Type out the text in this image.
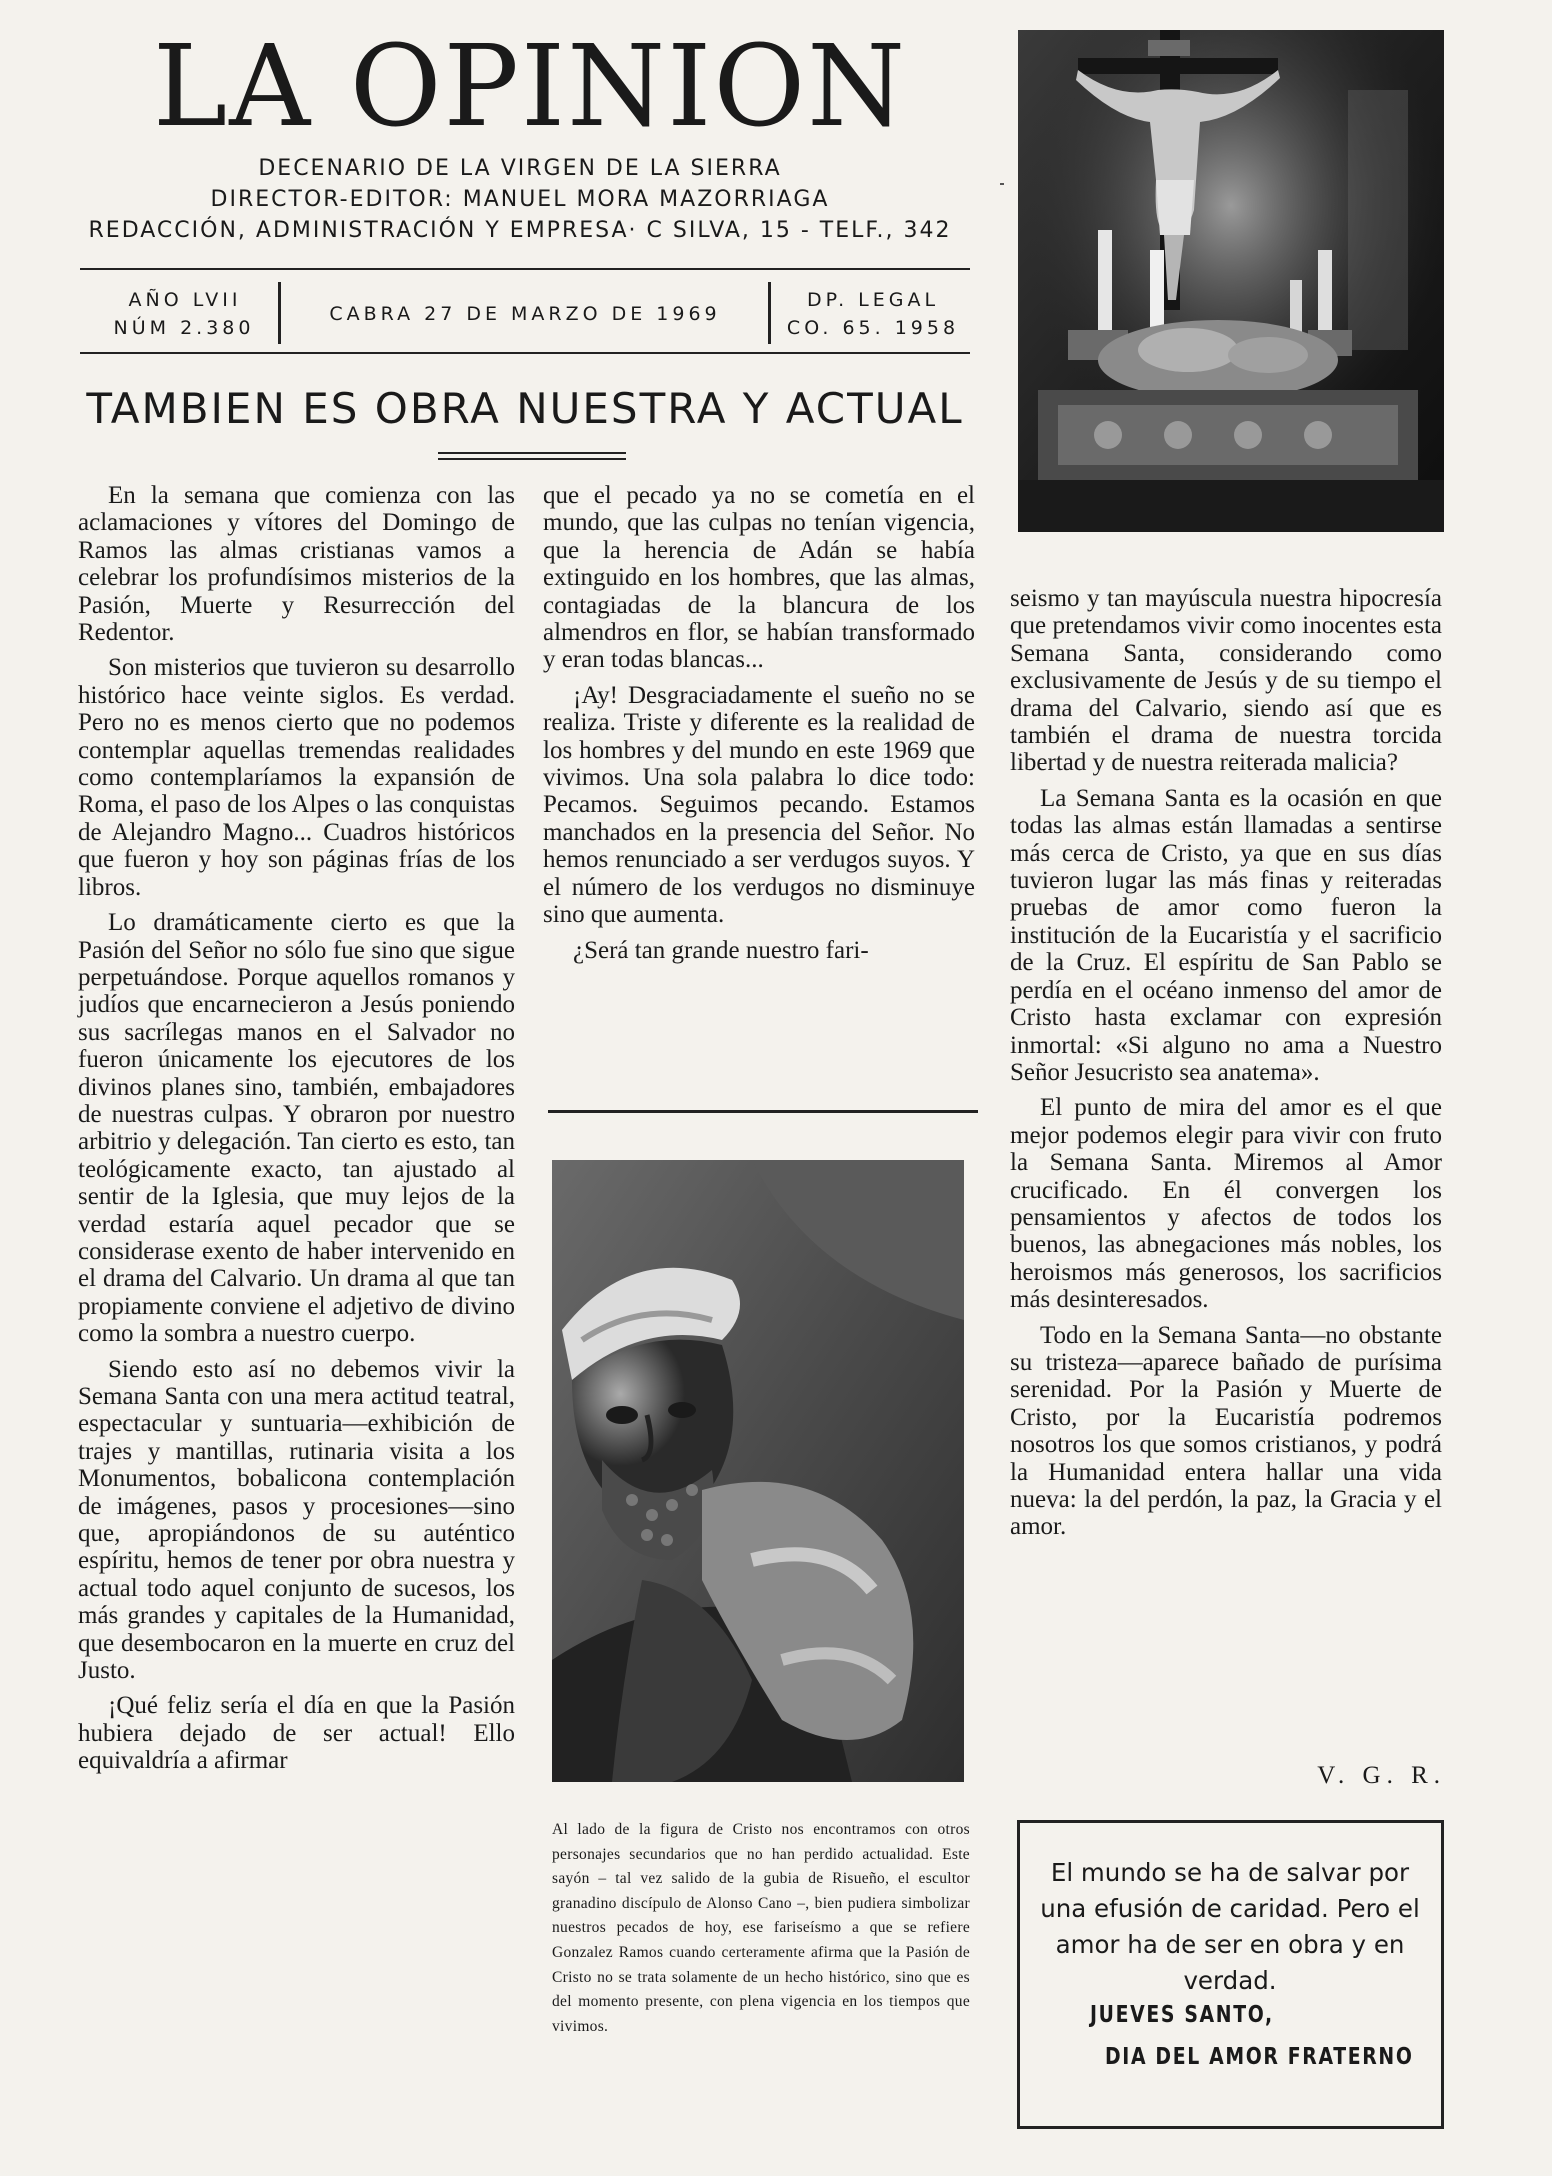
LA OPINION
DECENARIO DE LA VIRGEN DE LA SIERRA
DIRECTOR-EDITOR: MANUEL MORA MAZORRIAGA
REDACCIÓN, ADMINISTRACIÓN Y EMPRESA· C SILVA, 15 - TELF., 342
AÑO LVII
NÚM 2.380
CABRA 27 DE MARZO DE 1969
DP. LEGAL
CO. 65. 1958
TAMBIEN ES OBRA NUESTRA Y ACTUAL

En la semana que comienza con las aclamaciones y vítores del Domingo de Ramos las almas cristianas vamos a celebrar los profundísimos misterios de la Pasión, Muerte y Resurrección del Redentor.

Son misterios que tuvieron su desarrollo histórico hace veinte siglos. Es verdad. Pero no es menos cierto que no podemos contemplar aquellas tremendas realidades como contemplaríamos la expansión de Roma, el paso de los Alpes o las conquistas de Alejandro Magno... Cuadros históricos que fueron y hoy son páginas frías de los libros.

Lo dramáticamente cierto es que la Pasión del Señor no sólo fue sino que sigue perpetuándose. Porque aquellos romanos y judíos que encarnecieron a Jesús poniendo sus sacrílegas manos en el Salvador no fueron únicamente los ejecutores de los divinos planes sino, también, embajadores de nuestras culpas. Y obraron por nuestro arbitrio y delegación. Tan cierto es esto, tan teológicamente exacto, tan ajustado al sentir de la Iglesia, que muy lejos de la verdad estaría aquel pecador que se considerase exento de haber intervenido en el drama del Calvario. Un drama al que tan propiamente conviene el adjetivo de divino como la sombra a nuestro cuerpo.

Siendo esto así no debemos vivir la Semana Santa con una mera actitud teatral, espectacular y suntuaria—exhibición de trajes y mantillas, rutinaria visita a los Monumentos, bobalicona contemplación de imágenes, pasos y procesiones—sino que, apropiándonos de su auténtico espíritu, hemos de tener por obra nuestra y actual todo aquel conjunto de sucesos, los más grandes y capitales de la Humanidad, que desembocaron en la muerte en cruz del Justo.

¡Qué feliz sería el día en que la Pasión hubiera dejado de ser actual! Ello equivaldría a afirmar

que el pecado ya no se cometía en el mundo, que las culpas no tenían vigencia, que la herencia de Adán se había extinguido en los hombres, que las almas, contagiadas de la blancura de los almendros en flor, se habían transformado y eran todas blancas...

¡Ay! Desgraciadamente el sueño no se realiza. Triste y diferente es la realidad de los hombres y del mundo en este 1969 que vivimos. Una sola palabra lo dice todo: Pecamos. Seguimos pecando. Estamos manchados en la presencia del Señor. No hemos renunciado a ser verdugos suyos. Y el número de los verdugos no disminuye sino que aumenta.

¿Será tan grande nuestro fari-

seismo y tan mayúscula nuestra hipocresía que pretendamos vivir como inocentes esta Semana Santa, considerando como exclusivamente de Jesús y de su tiempo el drama del Calvario, siendo así que es también el drama de nuestra torcida libertad y de nuestra reiterada malicia?

La Semana Santa es la ocasión en que todas las almas están llamadas a sentirse más cerca de Cristo, ya que en sus días tuvieron lugar las más finas y reiteradas pruebas de amor como fueron la institución de la Eucaristía y el sacrificio de la Cruz. El espíritu de San Pablo se perdía en el océano inmenso del amor de Cristo hasta exclamar con expresión inmortal: «Si alguno no ama a Nuestro Señor Jesucristo sea anatema».

El punto de mira del amor es el que mejor podemos elegir para vivir con fruto la Semana Santa. Miremos al Amor crucificado. En él convergen los pensamientos y afectos de todos los buenos, las abnegaciones más nobles, los heroismos más generosos, los sacrificios más desinteresados.

Todo en la Semana Santa—no obstante su tristeza—aparece bañado de purísima serenidad. Por la Pasión y Muerte de Cristo, por la Eucaristía podremos nosotros los que somos cristianos, y podrá la Humanidad entera hallar una vida nueva: la del perdón, la paz, la Gracia y el amor.

V. G. R.
Al lado de la figura de Cristo nos encontramos con otros personajes secundarios que no han perdido actualidad. Este sayón – tal vez salido de la gubia de Risueño, el escultor granadino discípulo de Alonso Cano –, bien pudiera simbolizar nuestros pecados de hoy, ese fariseísmo a que se refiere Gonzalez Ramos cuando certeramente afirma que la Pasión de Cristo no se trata solamente de un hecho histórico, sino que es del momento presente, con plena vigencia en los tiempos que vivimos.
El mundo se ha de salvar por una efusión de caridad. Pero el amor ha de ser en obra y en verdad.
JUEVES SANTO,
DIA DEL AMOR FRATERNO
